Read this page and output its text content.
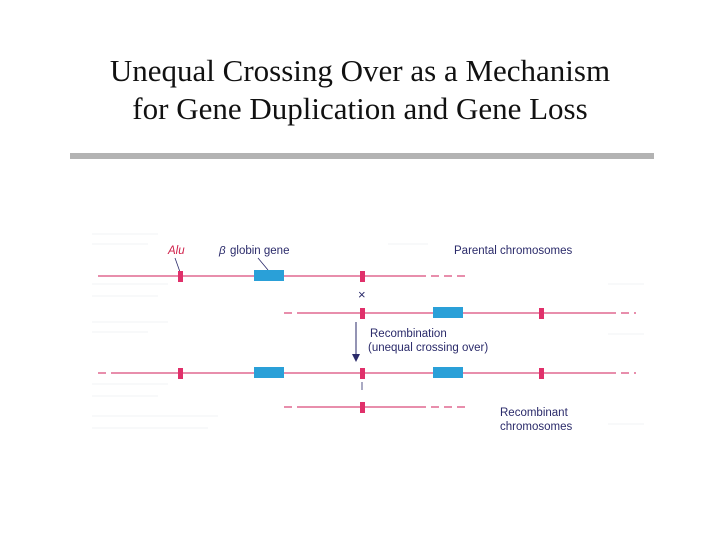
Unequal Crossing Over as a Mechanism
for Gene Duplication and Gene Loss
Alu	β globin gene	Parental chromosomes
×
Recombination
(unequal crossing over)
Recombinant
chromosomes
